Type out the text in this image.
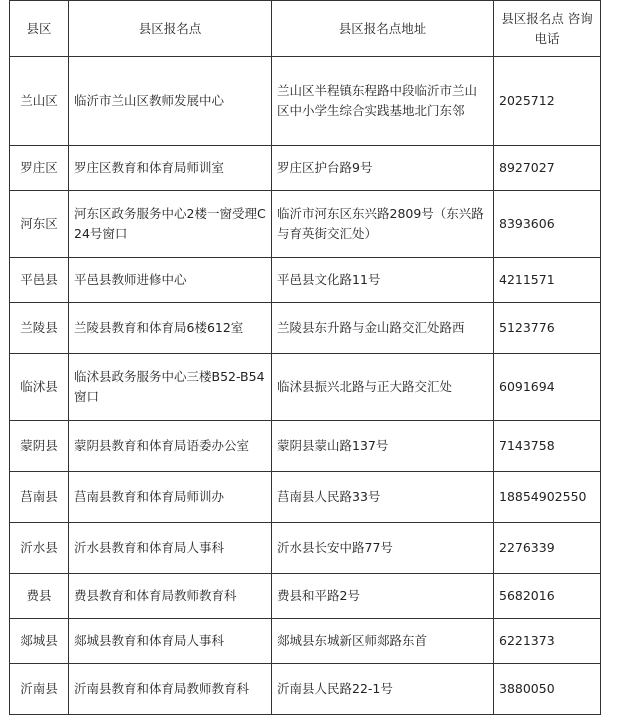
县区	县区报名点	县区报名点地址	县区报名点 咨询电话
兰山区	临沂市兰山区教师发展中心	兰山区半程镇东程路中段临沂市兰山区中小学生综合实践基地北门东邻	2025712
罗庄区	罗庄区教育和体育局师训室	罗庄区护台路9号	8927027
河东区	河东区政务服务中心2楼一窗受理C24号窗口	临沂市河东区东兴路2809号（东兴路与育英街交汇处）	8393606
平邑县	平邑县教师进修中心	平邑县文化路11号	4211571
兰陵县	兰陵县教育和体育局6楼612室	兰陵县东升路与金山路交汇处路西	5123776
临沭县	临沭县政务服务中心三楼B52-B54窗口	临沭县振兴北路与正大路交汇处	6091694
蒙阴县	蒙阴县教育和体育局语委办公室	蒙阴县蒙山路137号	7143758
莒南县	莒南县教育和体育局师训办	莒南县人民路33号	18854902550
沂水县	沂水县教育和体育局人事科	沂水县长安中路77号	2276339
费县	费县教育和体育局教师教育科	费县和平路2号	5682016
郯城县	郯城县教育和体育局人事科	郯城县东城新区师郯路东首	6221373
沂南县	沂南县教育和体育局教师教育科	沂南县人民路22-1号	3880050
